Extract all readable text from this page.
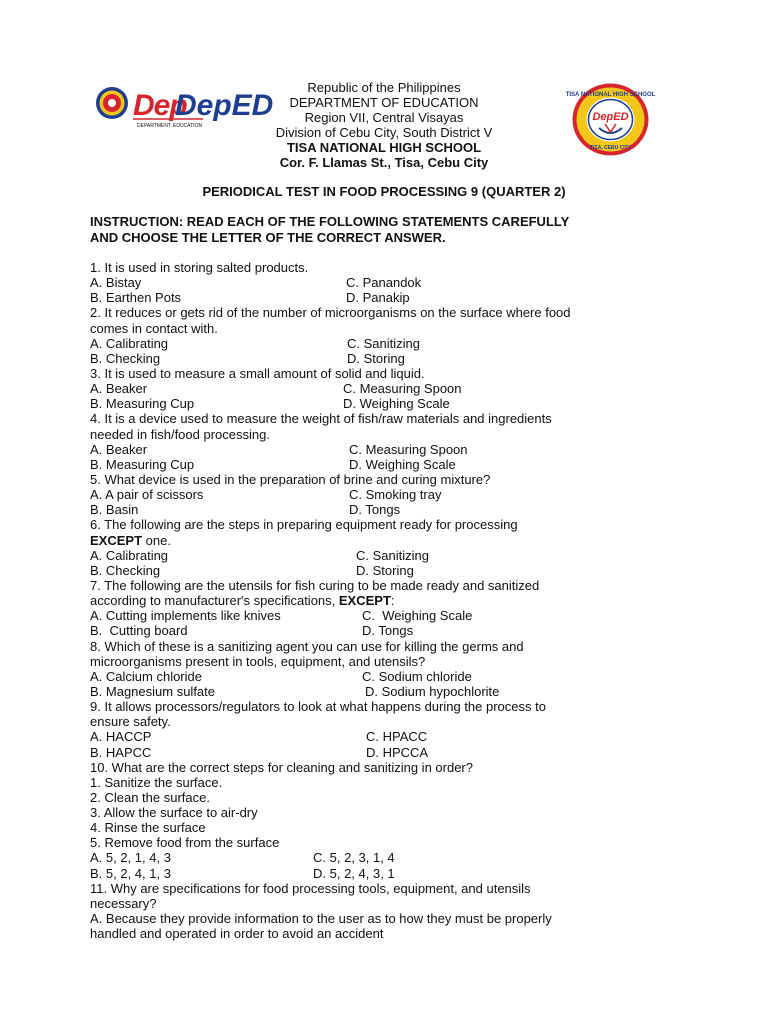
Dep
DepED
DEPARTMENT EDUCATION
TISA NATIONAL HIGH SCHOOL
TISA, CEBU CITY
DepED
Republic of the Philippines
DEPARTMENT OF EDUCATION
Region VII, Central Visayas
Division of Cebu City, South District V
TISA NATIONAL HIGH SCHOOL
Cor. F. Llamas St., Tisa, Cebu City
PERIODICAL TEST IN FOOD PROCESSING 9 (QUARTER 2)
INSTRUCTION: READ EACH OF THE FOLLOWING STATEMENTS CAREFULLY
AND CHOOSE THE LETTER OF THE CORRECT ANSWER.
1. It is used in storing salted products.
A. Bistay	C. Panandok
B. Earthen Pots	D. Panakip
2. It reduces or gets rid of the number of microorganisms on the surface where food
comes in contact with.
A. Calibrating	C. Sanitizing
B. Checking	D. Storing
3. It is used to measure a small amount of solid and liquid.
A. Beaker	C. Measuring Spoon
B. Measuring Cup	D. Weighing Scale
4. It is a device used to measure the weight of fish/raw materials and ingredients
needed in fish/food processing.
A. Beaker	C. Measuring Spoon
B. Measuring Cup	D. Weighing Scale
5. What device is used in the preparation of brine and curing mixture?
A. A pair of scissors	C. Smoking tray
B. Basin	D. Tongs
6. The following are the steps in preparing equipment ready for processing
EXCEPT one.
A. Calibrating	C. Sanitizing
B. Checking	D. Storing
7. The following are the utensils for fish curing to be made ready and sanitized
according to manufacturer's specifications, EXCEPT:
A. Cutting implements like knives	C.  Weighing Scale
B.  Cutting board	D. Tongs
8. Which of these is a sanitizing agent you can use for killing the germs and
microorganisms present in tools, equipment, and utensils?
A. Calcium chloride	C. Sodium chloride
B. Magnesium sulfate	D. Sodium hypochlorite
9. It allows processors/regulators to look at what happens during the process to
ensure safety.
A. HACCP	C. HPACC
B. HAPCC	D. HPCCA
10. What are the correct steps for cleaning and sanitizing in order?
1. Sanitize the surface.
2. Clean the surface.
3. Allow the surface to air-dry
4. Rinse the surface
5. Remove food from the surface
A. 5, 2, 1, 4, 3	C. 5, 2, 3, 1, 4
B. 5, 2, 4, 1, 3	D. 5, 2, 4, 3, 1
11. Why are specifications for food processing tools, equipment, and utensils
necessary?
A. Because they provide information to the user as to how they must be properly
handled and operated in order to avoid an accident
